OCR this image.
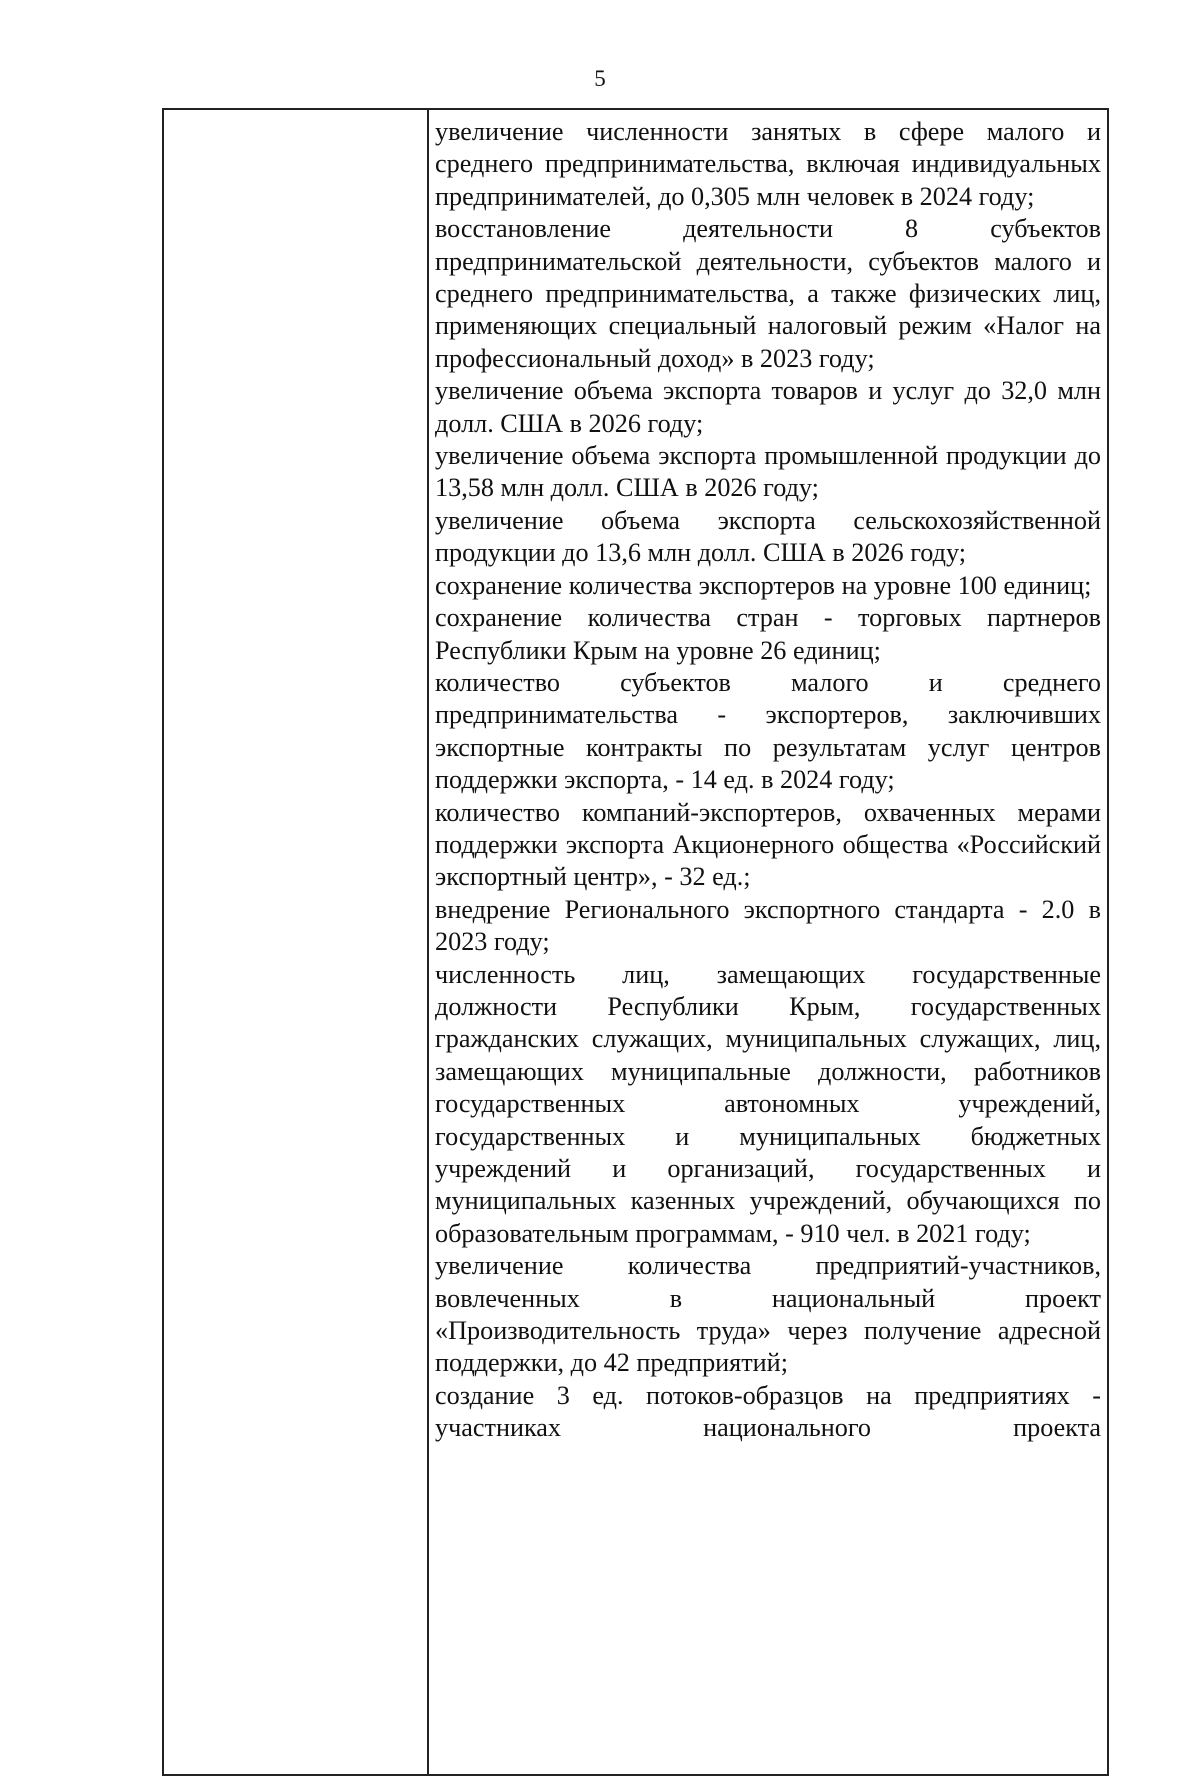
5

увеличение численности занятых в сфере малого и среднего предпринимательства, включая индивидуальных предпринимателей, до 0,305 млн человек в 2024 году;

восстановление деятельности 8 субъектов предпринимательской деятельности, субъектов малого и среднего предпринимательства, а также физических лиц, применяющих специальный налоговый режим «Налог на профессиональный доход» в 2023 году;

увеличение объема экспорта товаров и услуг до 32,0 млн долл. США в 2026 году;

увеличение объема экспорта промышленной продукции до 13,58 млн долл. США в 2026 году;

увеличение объема экспорта сельскохозяйственной продукции до 13,6 млн долл. США в 2026 году;

сохранение количества экспортеров на уровне 100 единиц;

сохранение количества стран - торговых партнеров Республики Крым на уровне 26 единиц;

количество субъектов малого и среднего предпринимательства - экспортеров, заключивших экспортные контракты по результатам услуг центров поддержки экспорта, - 14 ед. в 2024 году;

количество компаний-экспортеров, охваченных мерами поддержки экспорта Акционерного общества «Российский экспортный центр», - 32 ед.;

внедрение Регионального экспортного стандарта - 2.0 в 2023 году;

численность лиц, замещающих государственные должности Республики Крым, государственных гражданских служащих, муниципальных служащих, лиц, замещающих муниципальные должности, работников государственных автономных учреждений, государственных и муниципальных бюджетных учреждений и организаций, государственных и муниципальных казенных учреждений, обучающихся по образовательным программам, - 910 чел. в 2021 году;

увеличение количества предприятий-участников, вовлеченных в национальный проект «Производительность труда» через получение адресной поддержки, до 42 предприятий;

создание 3 ед. потоков-образцов на предприятиях - участниках национального проекта
